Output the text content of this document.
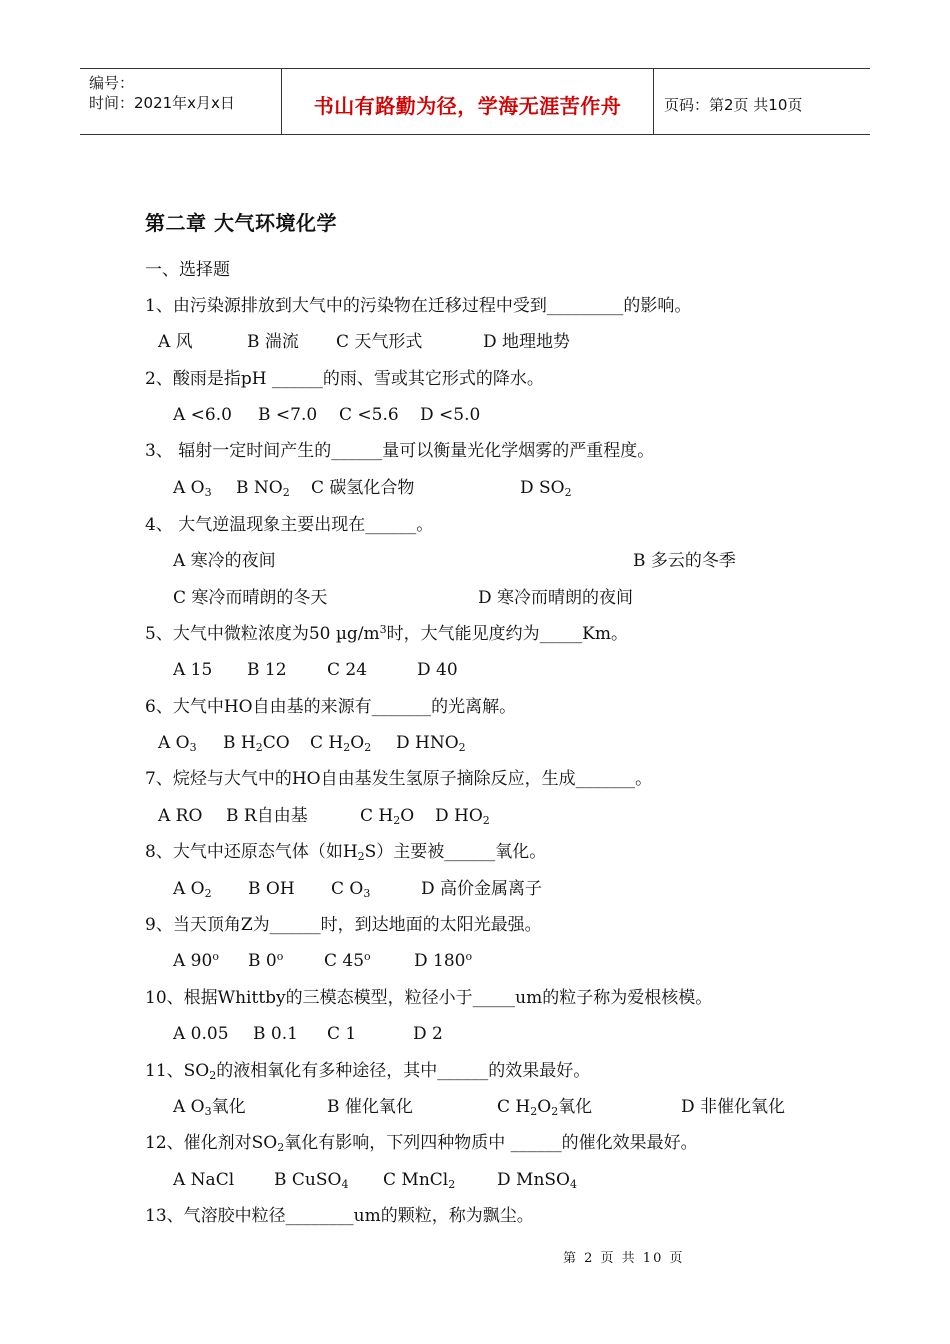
编号：
时间：2021年x月x日	书山有路勤为径，学海无涯苦作舟	页码：第2页 共10页
第二章 大气环境化学
一、选择题
1、由污染源排放到大气中的污染物在迁移过程中受到_________的影响。
A 风	B 湍流 C 天气形式	D 地理地势
2、酸雨是指pH ______的雨、雪或其它形式的降水。
A <6.0 B <7.0 C <5.6 D <5.0
3、 辐射一定时间产生的______量可以衡量光化学烟雾的严重程度。
A $O_3$ B $NO_2$ C 碳氢化合物	D $SO_2$
4、 大气逆温现象主要出现在______。
A 寒冷的夜间	B 多云的冬季
C 寒冷而晴朗的冬天	D 寒冷而晴朗的夜间
5、大气中微粒浓度为50 $\mu g/m^3$时，大气能见度约为_____Km。
A 15 B 12 C 24	D 40
6、大气中HO自由基的来源有_______的光离解。
A $O_3$ B $H_2CO$ C $H_2O_2$ D $HNO_2$
7、烷烃与大气中的HO自由基发生氢原子摘除反应，生成_______。
A RO B R自由基	C $H_2O$ D $HO_2$
8、大气中还原态气体（如$H_2S$）主要被______氧化。
A $O_2$ B OH C $O_3$	D 高价金属离子
9、当天顶角Z为______时，到达地面的太阳光最强。
A 90$^o$ B 0$^o$ C 45$^o$	D 180$^o$
10、根据Whittby的三模态模型，粒径小于_____um的粒子称为爱根核模。
A 0.05 B 0.1 C 1	D 2
11、$SO_2$的液相氧化有多种途径，其中______的效果最好。
A $O_3$氧化	B 催化氧化	C $H_2O_2$氧化	D 非催化氧化
12、催化剂对$SO_2$氧化有影响，下列四种物质中 ______的催化效果最好。
A NaCl B CuSO$_4$ C MnCl$_2$ D MnSO$_4$
13、气溶胶中粒径________um的颗粒，称为飘尘。
第 2 页 共 10 页
